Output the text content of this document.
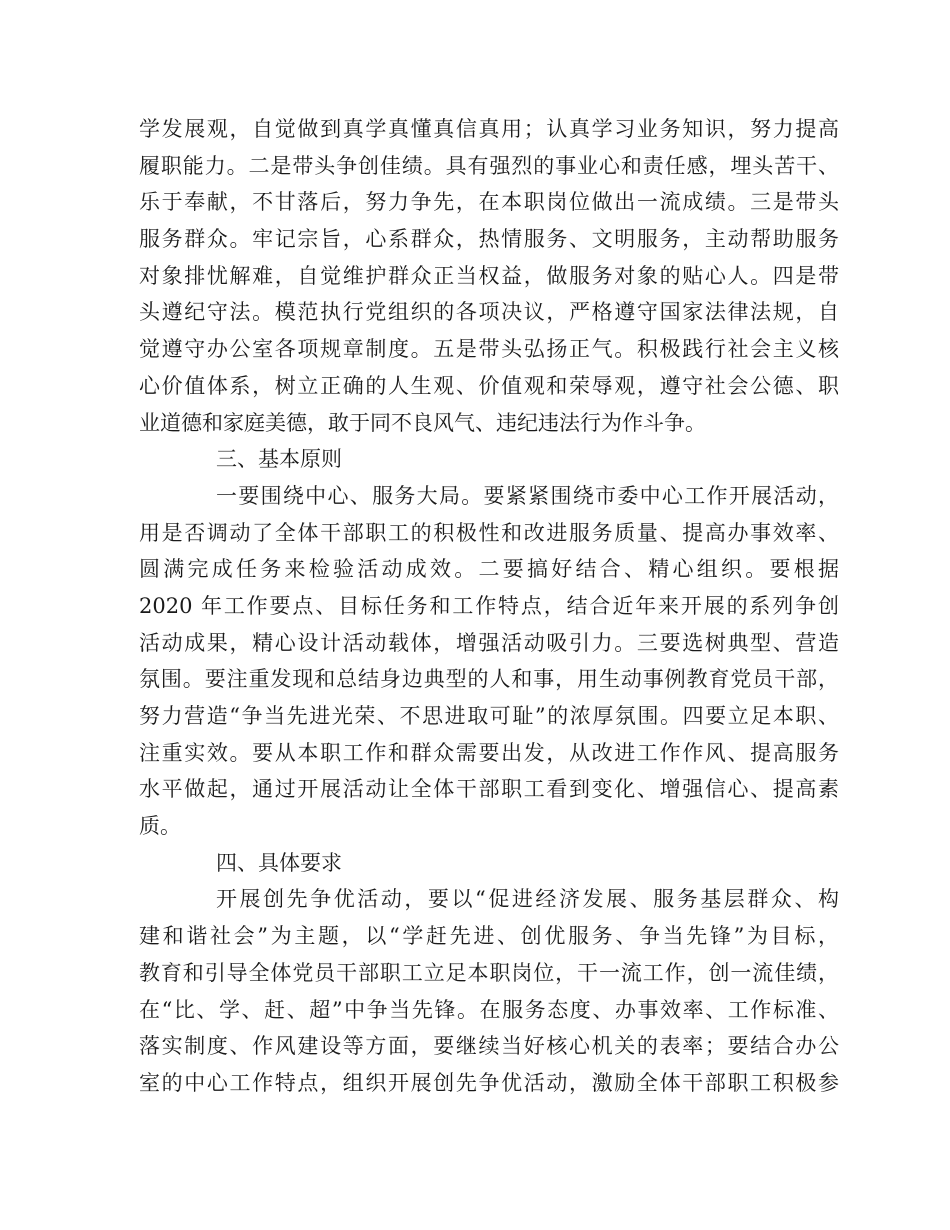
学发展观，自觉做到真学真懂真信真用；认真学习业务知识，努力提高
履职能力。二是带头争创佳绩。具有强烈的事业心和责任感，埋头苦干、
乐于奉献，不甘落后，努力争先，在本职岗位做出一流成绩。三是带头
服务群众。牢记宗旨，心系群众，热情服务、文明服务，主动帮助服务
对象排忧解难，自觉维护群众正当权益，做服务对象的贴心人。四是带
头遵纪守法。模范执行党组织的各项决议，严格遵守国家法律法规，自
觉遵守办公室各项规章制度。五是带头弘扬正气。积极践行社会主义核
心价值体系，树立正确的人生观、价值观和荣辱观，遵守社会公德、职
业道德和家庭美德，敢于同不良风气、违纪违法行为作斗争。
三、基本原则
一要围绕中心、服务大局。要紧紧围绕市委中心工作开展活动，
用是否调动了全体干部职工的积极性和改进服务质量、提高办事效率、
圆满完成任务来检验活动成效。二要搞好结合、精心组织。要根据
2020 年工作要点、目标任务和工作特点，结合近年来开展的系列争创
活动成果，精心设计活动载体，增强活动吸引力。三要选树典型、营造
氛围。要注重发现和总结身边典型的人和事，用生动事例教育党员干部，
努力营造“争当先进光荣、不思进取可耻”的浓厚氛围。四要立足本职、
注重实效。要从本职工作和群众需要出发，从改进工作作风、提高服务
水平做起，通过开展活动让全体干部职工看到变化、增强信心、提高素
质。
四、具体要求
开展创先争优活动，要以“促进经济发展、服务基层群众、构
建和谐社会”为主题，以“学赶先进、创优服务、争当先锋”为目标，
教育和引导全体党员干部职工立足本职岗位，干一流工作，创一流佳绩，
在“比、学、赶、超”中争当先锋。在服务态度、办事效率、工作标准、
落实制度、作风建设等方面，要继续当好核心机关的表率；要结合办公
室的中心工作特点，组织开展创先争优活动，激励全体干部职工积极参
